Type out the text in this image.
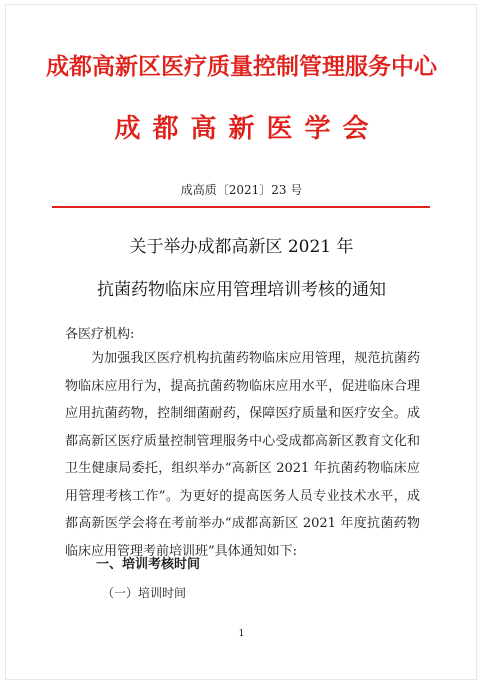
成都高新区医疗质量控制管理服务中心
成都高新医学会
成高质〔2021〕23 号
关于举办成都高新区 2021 年
抗菌药物临床应用管理培训考核的通知
各医疗机构:
为加强我区医疗机构抗菌药物临床应用管理，规范抗菌药物临床应用行为，提高抗菌药物临床应用水平，促进临床合理应用抗菌药物，控制细菌耐药，保障医疗质量和医疗安全。成都高新区医疗质量控制管理服务中心受成都高新区教育文化和卫生健康局委托，组织举办“高新区 2021 年抗菌药物临床应用管理考核工作”。为更好的提高医务人员专业技术水平，成都高新医学会将在考前举办“成都高新区 2021 年度抗菌药物临床应用管理考前培训班”具体通知如下:
一、培训考核时间
（一）培训时间
1
